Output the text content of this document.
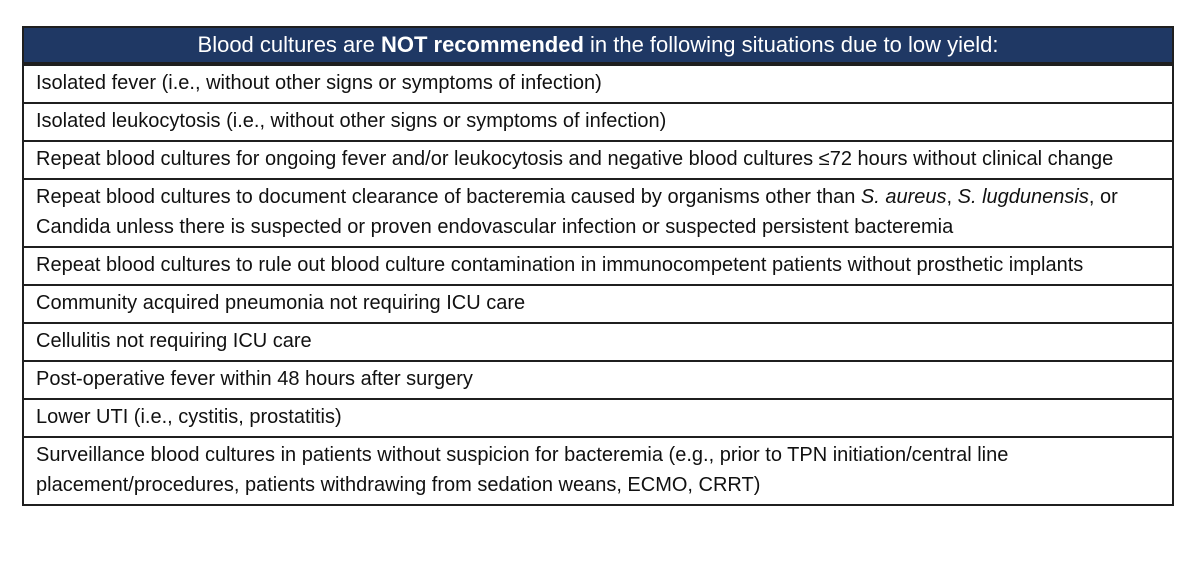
Blood cultures are NOT recommended in the following situations due to low yield:
Isolated fever (i.e., without other signs or symptoms of infection)
Isolated leukocytosis (i.e., without other signs or symptoms of infection)
Repeat blood cultures for ongoing fever and/or leukocytosis and negative blood cultures ≤72 hours without clinical change
Repeat blood cultures to document clearance of bacteremia caused by organisms other than S. aureus, S. lugdunensis, or Candida unless there is suspected or proven endovascular infection or suspected persistent bacteremia
Repeat blood cultures to rule out blood culture contamination in immunocompetent patients without prosthetic implants
Community acquired pneumonia not requiring ICU care
Cellulitis not requiring ICU care
Post-operative fever within 48 hours after surgery
Lower UTI (i.e., cystitis, prostatitis)
Surveillance blood cultures in patients without suspicion for bacteremia (e.g., prior to TPN initiation/central line placement/procedures, patients withdrawing from sedation weans, ECMO, CRRT)
